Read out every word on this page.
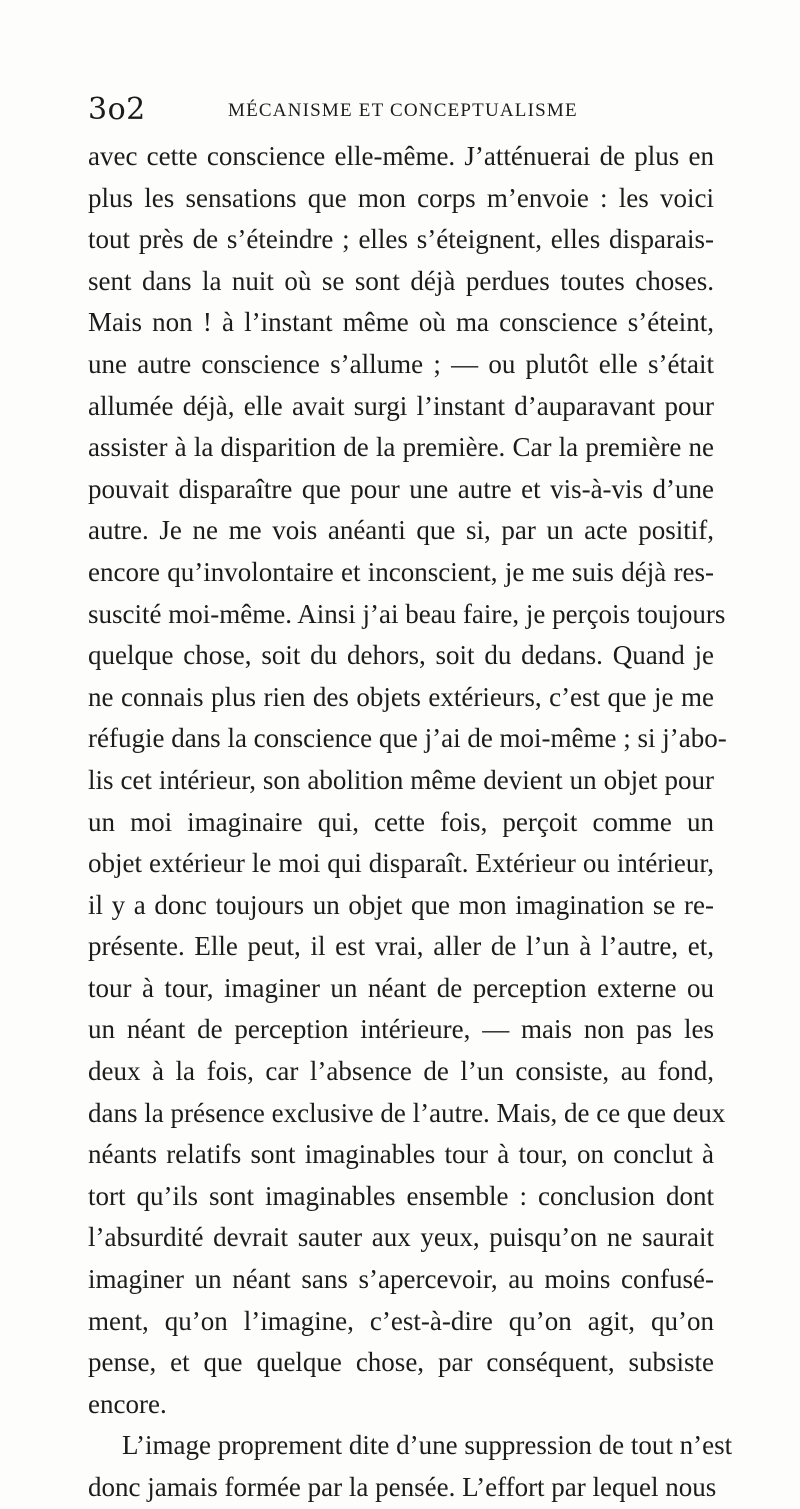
3o2	MÉCANISME ET CONCEPTUALISME
avec cette conscience elle-même. J’atténuerai de plus en
plus les sensations que mon corps m’envoie : les voici
tout près de s’éteindre ; elles s’éteignent, elles disparais-
sent dans la nuit où se sont déjà perdues toutes choses.
Mais non ! à l’instant même où ma conscience s’éteint,
une autre conscience s’allume ; — ou plutôt elle s’était
allumée déjà, elle avait surgi l’instant d’auparavant pour
assister à la disparition de la première. Car la première ne
pouvait disparaître que pour une autre et vis-à-vis d’une
autre. Je ne me vois anéanti que si, par un acte positif,
encore qu’involontaire et inconscient, je me suis déjà res-
suscité moi-même. Ainsi j’ai beau faire, je perçois toujours
quelque chose, soit du dehors, soit du dedans. Quand je
ne connais plus rien des objets extérieurs, c’est que je me
réfugie dans la conscience que j’ai de moi-même ; si j’abo-
lis cet intérieur, son abolition même devient un objet pour
un moi imaginaire qui, cette fois, perçoit comme un
objet extérieur le moi qui disparaît. Extérieur ou intérieur,
il y a donc toujours un objet que mon imagination se re-
présente. Elle peut, il est vrai, aller de l’un à l’autre, et,
tour à tour, imaginer un néant de perception externe ou
un néant de perception intérieure, — mais non pas les
deux à la fois, car l’absence de l’un consiste, au fond,
dans la présence exclusive de l’autre. Mais, de ce que deux
néants relatifs sont imaginables tour à tour, on conclut à
tort qu’ils sont imaginables ensemble : conclusion dont
l’absurdité devrait sauter aux yeux, puisqu’on ne saurait
imaginer un néant sans s’apercevoir, au moins confusé-
ment, qu’on l’imagine, c’est-à-dire qu’on agit, qu’on
pense, et que quelque chose, par conséquent, subsiste
encore.
L’image proprement dite d’une suppression de tout n’est
donc jamais formée par la pensée. L’effort par lequel nous
